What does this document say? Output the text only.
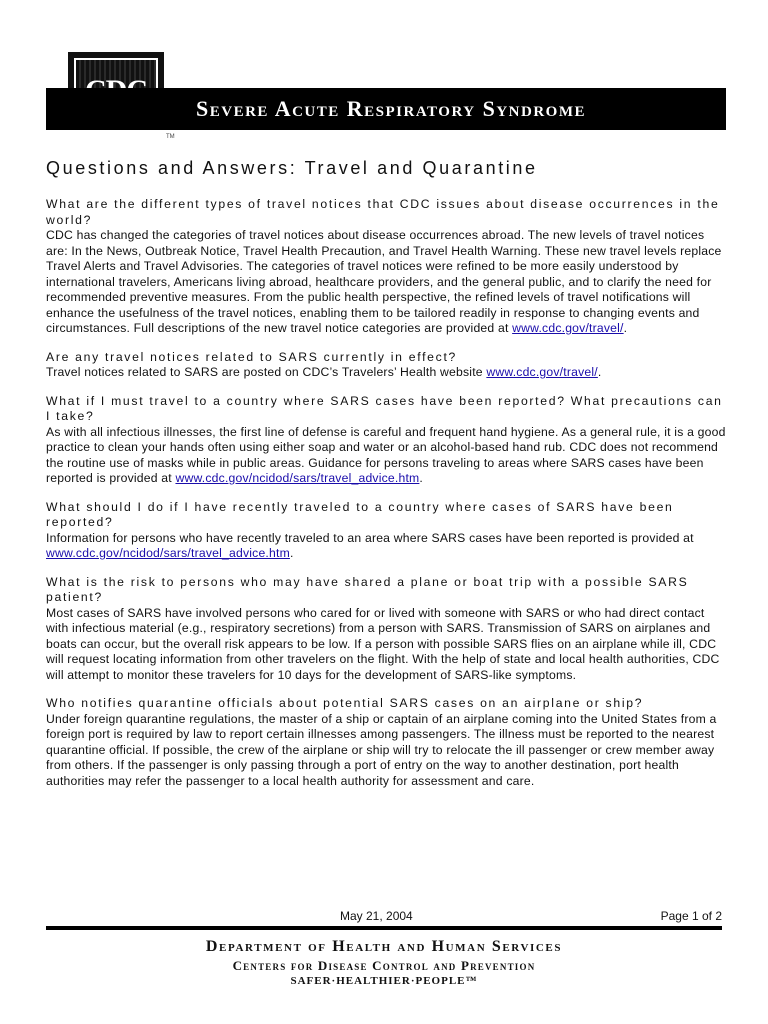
TM
Severe Acute Respiratory Syndrome
Questions and Answers: Travel and Quarantine
What are the different types of travel notices that CDC issues about disease occurrences in the world?
CDC has changed the categories of travel notices about disease occurrences abroad. The new levels of travel notices are: In the News, Outbreak Notice, Travel Health Precaution, and Travel Health Warning. These new travel levels replace Travel Alerts and Travel Advisories. The categories of travel notices were refined to be more easily understood by international travelers, Americans living abroad, healthcare providers, and the general public, and to clarify the need for recommended preventive measures. From the public health perspective, the refined levels of travel notifications will enhance the usefulness of the travel notices, enabling them to be tailored readily in response to changing events and circumstances. Full descriptions of the new travel notice categories are provided at www.cdc.gov/travel/.
Are any travel notices related to SARS currently in effect?
Travel notices related to SARS are posted on CDC’s Travelers’ Health website www.cdc.gov/travel/.
What if I must travel to a country where SARS cases have been reported? What precautions can I take?
As with all infectious illnesses, the first line of defense is careful and frequent hand hygiene. As a general rule, it is a good practice to clean your hands often using either soap and water or an alcohol-based hand rub. CDC does not recommend the routine use of masks while in public areas. Guidance for persons traveling to areas where SARS cases have been reported is provided at www.cdc.gov/ncidod/sars/travel_advice.htm.
What should I do if I have recently traveled to a country where cases of SARS have been reported?
Information for persons who have recently traveled to an area where SARS cases have been reported is provided at www.cdc.gov/ncidod/sars/travel_advice.htm.
What is the risk to persons who may have shared a plane or boat trip with a possible SARS patient?
Most cases of SARS have involved persons who cared for or lived with someone with SARS or who had direct contact with infectious material (e.g., respiratory secretions) from a person with SARS. Transmission of SARS on airplanes and boats can occur, but the overall risk appears to be low. If a person with possible SARS flies on an airplane while ill, CDC will request locating information from other travelers on the flight. With the help of state and local health authorities, CDC will attempt to monitor these travelers for 10 days for the development of SARS-like symptoms.
Who notifies quarantine officials about potential SARS cases on an airplane or ship?
Under foreign quarantine regulations, the master of a ship or captain of an airplane coming into the United States from a foreign port is required by law to report certain illnesses among passengers. The illness must be reported to the nearest quarantine official. If possible, the crew of the airplane or ship will try to relocate the ill passenger or crew member away from others. If the passenger is only passing through a port of entry on the way to another destination, port health authorities may refer the passenger to a local health authority for assessment and care.
May 21, 2004	Page 1 of 2
Department of Health and Human Services
Centers for Disease Control and Prevention
SAFER·HEALTHIER·PEOPLE™
